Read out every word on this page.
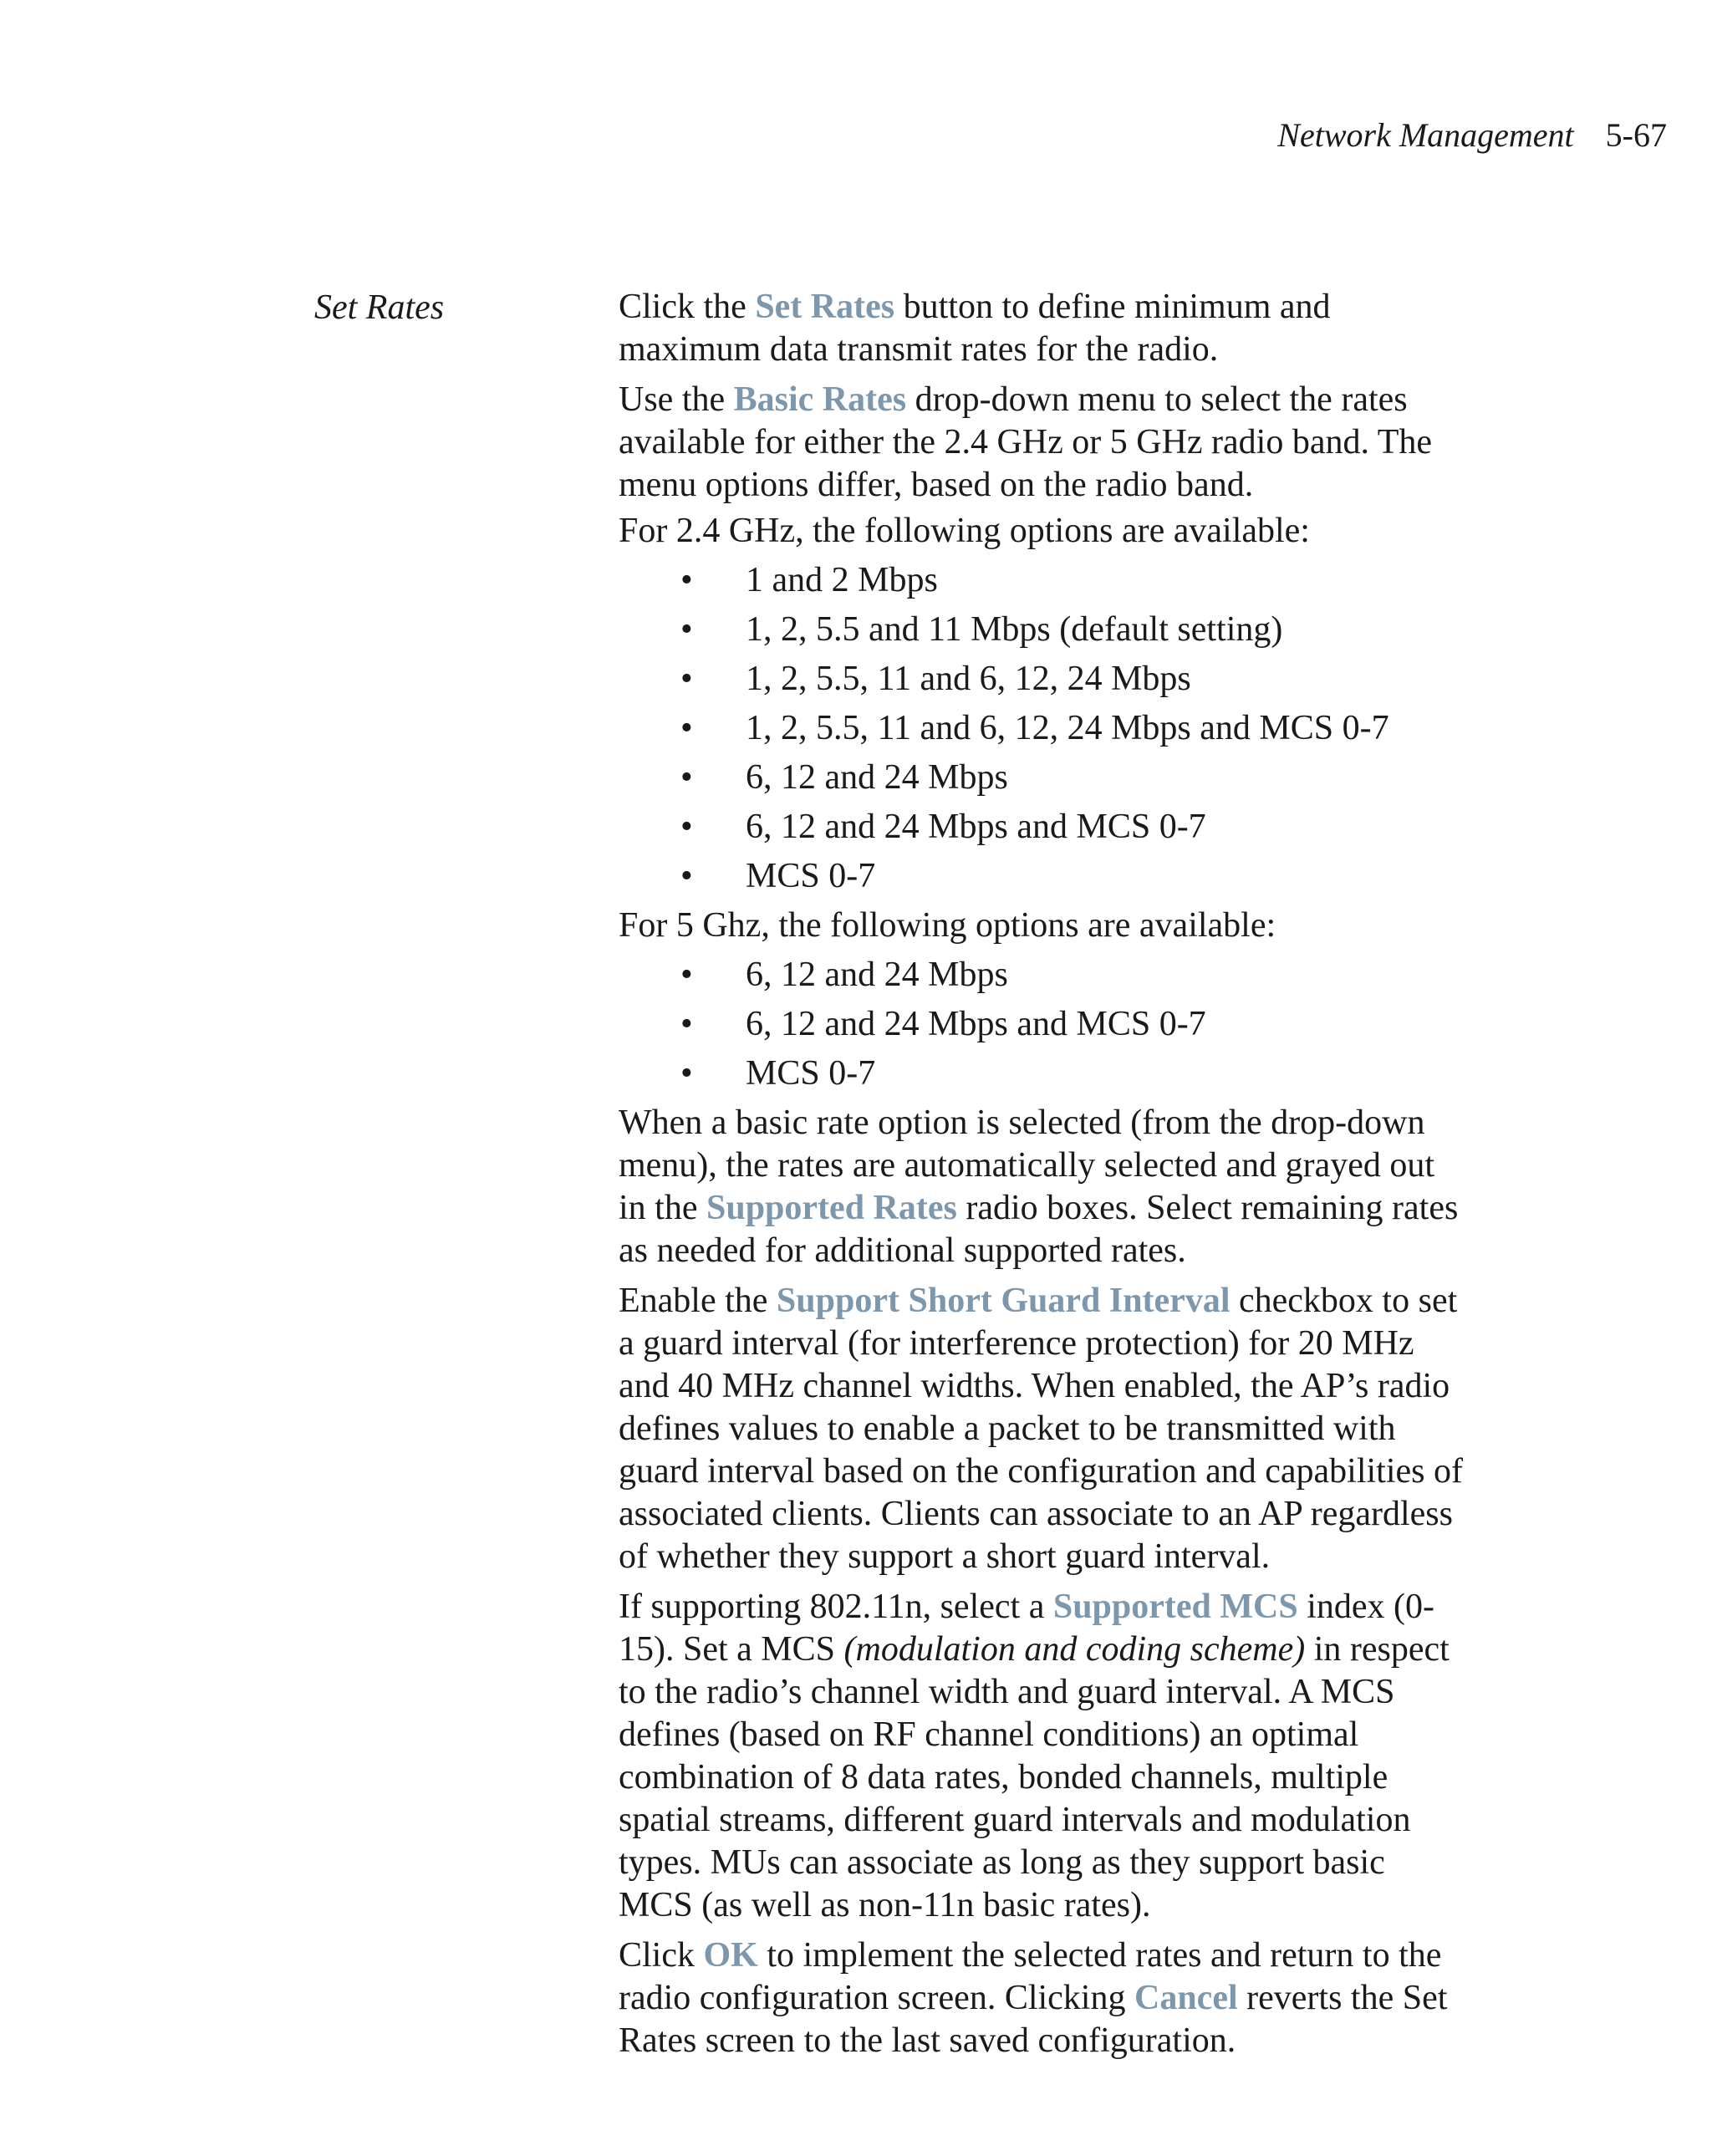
Network Management 5-67
Set Rates	Click the Set Rates button to define minimum and maximum data transmit rates for the radio.

Use the Basic Rates drop-down menu to select the rates available for either the 2.4 GHz or 5 GHz radio band. The menu options differ, based on the radio band.

For 2.4 GHz, the following options are available:

• 1 and 2 Mbps
• 1, 2, 5.5 and 11 Mbps (default setting)
• 1, 2, 5.5, 11 and 6, 12, 24 Mbps
• 1, 2, 5.5, 11 and 6, 12, 24 Mbps and MCS 0-7
• 6, 12 and 24 Mbps
• 6, 12 and 24 Mbps and MCS 0-7
• MCS 0-7

For 5 Ghz, the following options are available:

• 6, 12 and 24 Mbps
• 6, 12 and 24 Mbps and MCS 0-7
• MCS 0-7

When a basic rate option is selected (from the drop-down menu), the rates are automatically selected and grayed out in the Supported Rates radio boxes. Select remaining rates as needed for additional supported rates.

Enable the Support Short Guard Interval checkbox to set a guard interval (for interference protection) for 20 MHz and 40 MHz channel widths. When enabled, the AP’s radio defines values to enable a packet to be transmitted with guard interval based on the configuration and capabilities of associated clients. Clients can associate to an AP regardless of whether they support a short guard interval.

If supporting 802.11n, select a Supported MCS index (0-15). Set a MCS (modulation and coding scheme) in respect to the radio’s channel width and guard interval. A MCS defines (based on RF channel conditions) an optimal combination of 8 data rates, bonded channels, multiple spatial streams, different guard intervals and modulation types. MUs can associate as long as they support basic MCS (as well as non-11n basic rates).

Click OK to implement the selected rates and return to the radio configuration screen. Clicking Cancel reverts the Set Rates screen to the last saved configuration.
